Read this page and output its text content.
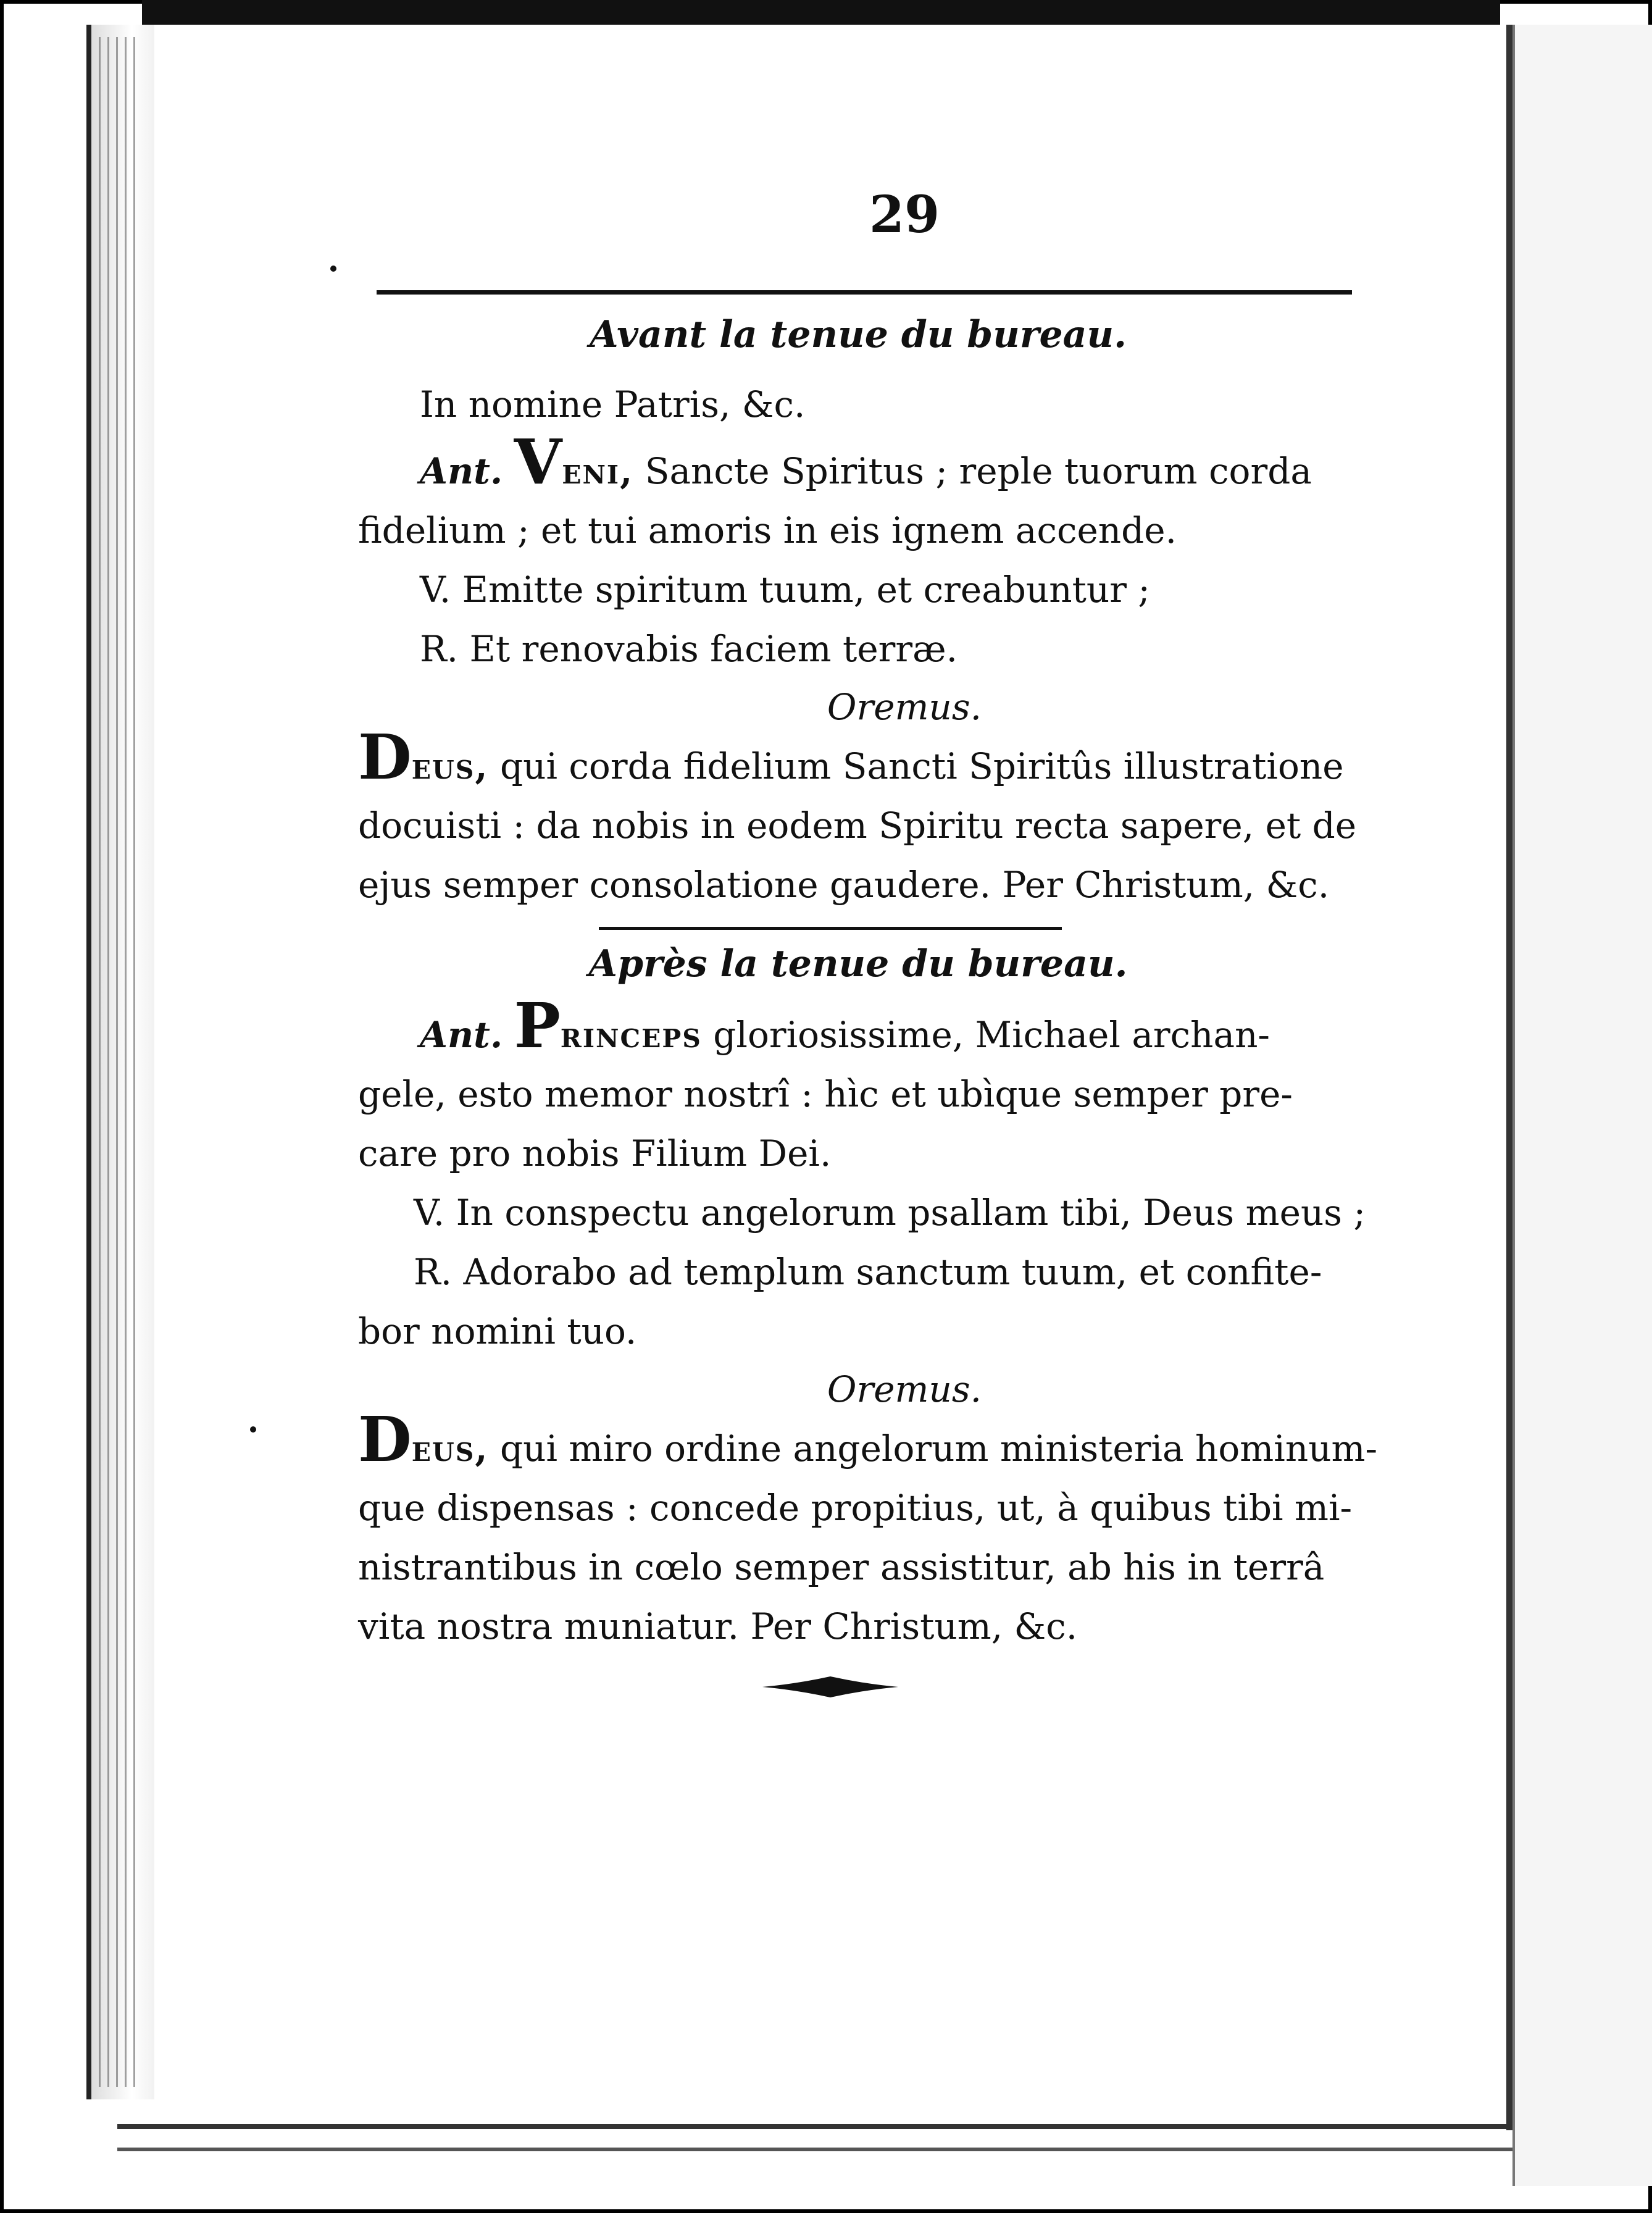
29
Avant la tenue du bureau.
In nomine Patris, &c.
Ant. Veni, Sancte Spiritus ; reple tuorum corda
fidelium ; et tui amoris in eis ignem accende.
V. Emitte spiritum tuum, et creabuntur ;
R. Et renovabis faciem terræ.
Oremus.
Deus, qui corda fidelium Sancti Spiritûs illustratione
docuisti : da nobis in eodem Spiritu recta sapere, et de
ejus semper consolatione gaudere. Per Christum, &c.
Après la tenue du bureau.
Ant. Princeps gloriosissime, Michael archan-
gele, esto memor nostrî : hìc et ubìque semper pre-
care pro nobis Filium Dei.
V. In conspectu angelorum psallam tibi, Deus meus ;
R. Adorabo ad templum sanctum tuum, et confite-
bor nomini tuo.
Oremus.
Deus, qui miro ordine angelorum ministeria hominum-
que dispensas : concede propitius, ut, à quibus tibi mi-
nistrantibus in cœlo semper assistitur, ab his in terrâ
vita nostra muniatur. Per Christum, &c.
